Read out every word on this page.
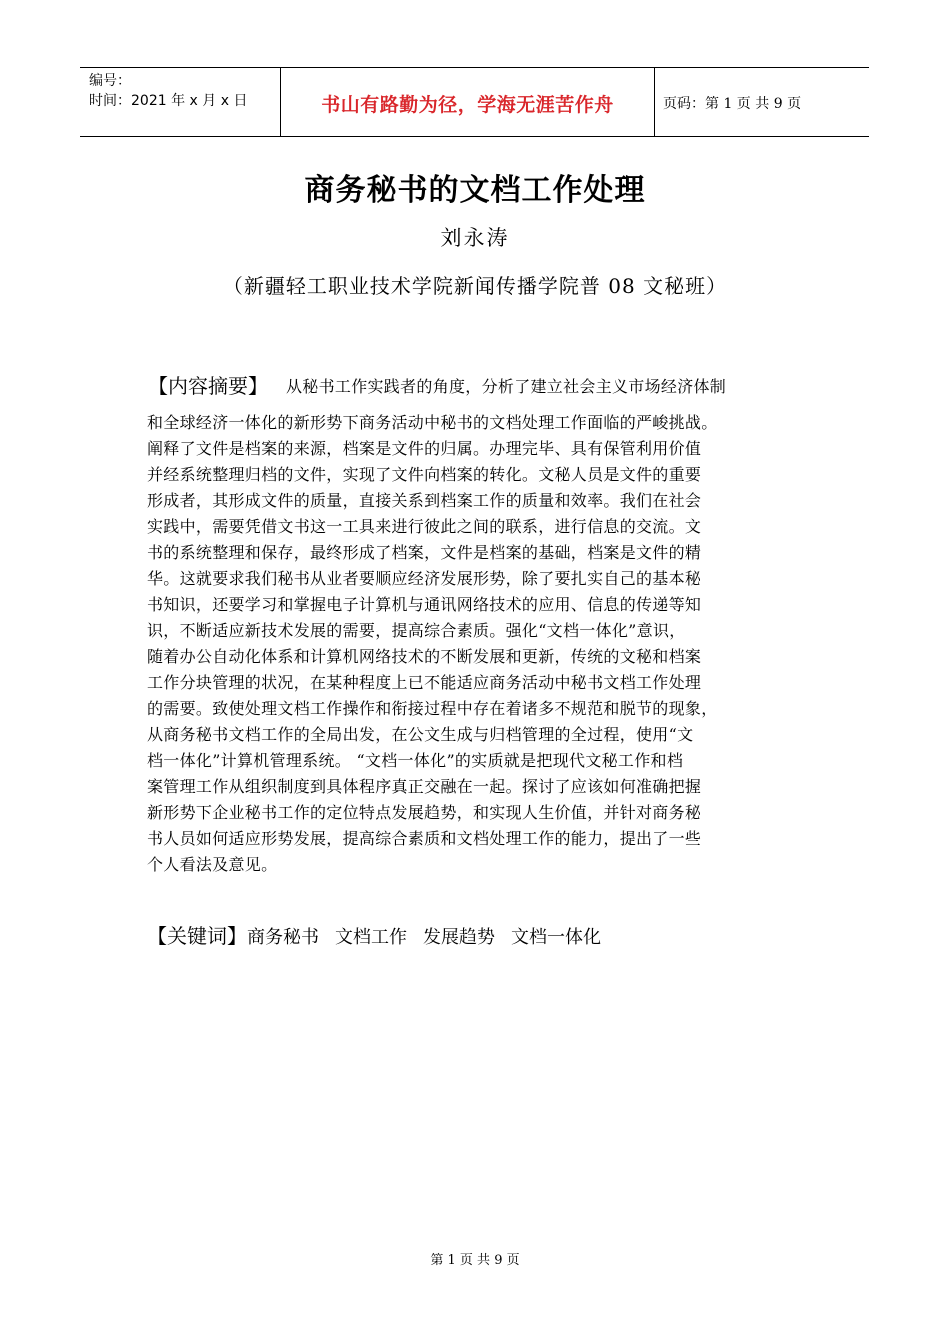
编号：
时间：2021 年 x 月 x 日	书山有路勤为径，学海无涯苦作舟	页码：第 1 页 共 9 页
商务秘书的文档工作处理
刘永涛
（新疆轻工职业技术学院新闻传播学院普 08 文秘班）
【内容摘要】 从秘书工作实践者的角度，分析了建立社会主义市场经济体制
和全球经济一体化的新形势下商务活动中秘书的文档处理工作面临的严峻挑战。
阐释了文件是档案的来源，档案是文件的归属。办理完毕、具有保管利用价值
并经系统整理归档的文件，实现了文件向档案的转化。文秘人员是文件的重要
形成者，其形成文件的质量，直接关系到档案工作的质量和效率。我们在社会
实践中，需要凭借文书这一工具来进行彼此之间的联系，进行信息的交流。文
书的系统整理和保存，最终形成了档案，文件是档案的基础，档案是文件的精
华。这就要求我们秘书从业者要顺应经济发展形势，除了要扎实自己的基本秘
书知识，还要学习和掌握电子计算机与通讯网络技术的应用、信息的传递等知
识，不断适应新技术发展的需要，提高综合素质。强化“文档一体化”意识，
随着办公自动化体系和计算机网络技术的不断发展和更新，传统的文秘和档案
工作分块管理的状况，在某种程度上已不能适应商务活动中秘书文档工作处理
的需要。致使处理文档工作操作和衔接过程中存在着诸多不规范和脱节的现象，
从商务秘书文档工作的全局出发，在公文生成与归档管理的全过程，使用“文
档一体化”计算机管理系统。 “文档一体化”的实质就是把现代文秘工作和档
案管理工作从组织制度到具体程序真正交融在一起。探讨了应该如何准确把握
新形势下企业秘书工作的定位特点发展趋势，和实现人生价值，并针对商务秘
书人员如何适应形势发展，提高综合素质和文档处理工作的能力，提出了一些
个人看法及意见。
【关键词】商务秘书 文档工作 发展趋势 文档一体化
第 1 页 共 9 页
